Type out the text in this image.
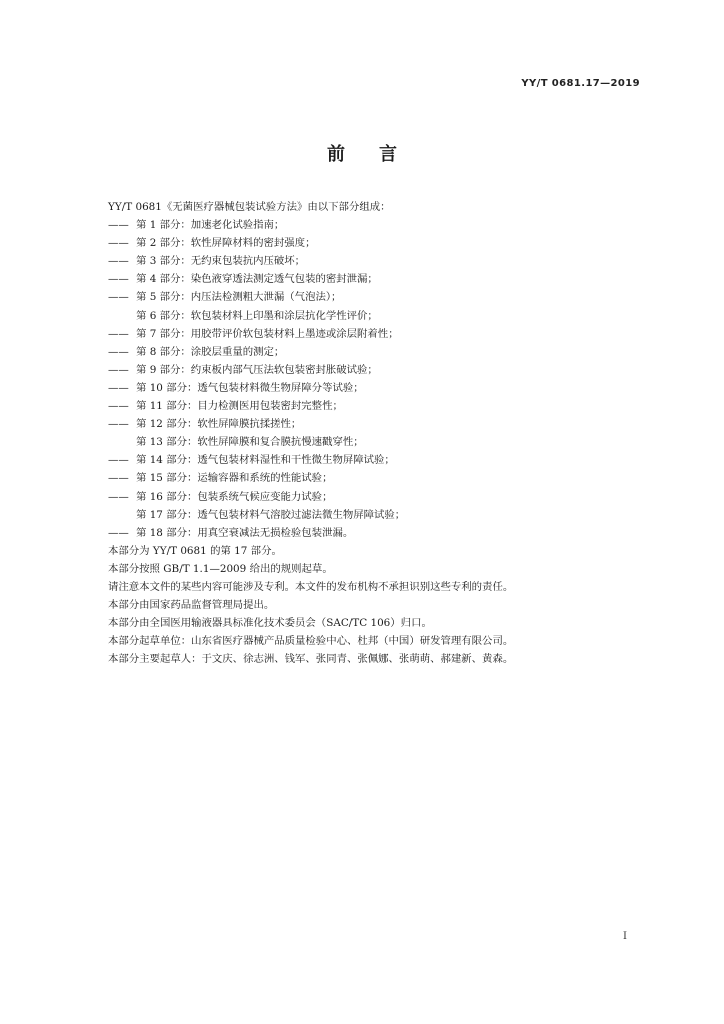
YY/T 0681.17—2019
前言
YY/T 0681《无菌医疗器械包装试验方法》由以下部分组成：
—— 第 1 部分：加速老化试验指南；
—— 第 2 部分：软性屏障材料的密封强度；
—— 第 3 部分：无约束包装抗内压破坏；
—— 第 4 部分：染色液穿透法测定透气包装的密封泄漏；
—— 第 5 部分：内压法检测粗大泄漏（气泡法）；
第 6 部分：软包装材料上印墨和涂层抗化学性评价；
—— 第 7 部分：用胶带评价软包装材料上墨迹或涂层附着性；
—— 第 8 部分：涂胶层重量的测定；
—— 第 9 部分：约束板内部气压法软包装密封胀破试验；
—— 第 10 部分：透气包装材料微生物屏障分等试验；
—— 第 11 部分：目力检测医用包装密封完整性；
—— 第 12 部分：软性屏障膜抗揉搓性；
第 13 部分：软性屏障膜和复合膜抗慢速戳穿性；
—— 第 14 部分：透气包装材料湿性和干性微生物屏障试验；
—— 第 15 部分：运输容器和系统的性能试验；
—— 第 16 部分：包装系统气候应变能力试验；
第 17 部分：透气包装材料气溶胶过滤法微生物屏障试验；
—— 第 18 部分：用真空衰减法无损检验包装泄漏。
本部分为 YY/T 0681 的第 17 部分。
本部分按照 GB/T 1.1—2009 给出的规则起草。
请注意本文件的某些内容可能涉及专利。本文件的发布机构不承担识别这些专利的责任。
本部分由国家药品监督管理局提出。
本部分由全国医用输液器具标准化技术委员会（SAC/TC 106）归口。
本部分起草单位：山东省医疗器械产品质量检验中心、杜邦（中国）研发管理有限公司。
本部分主要起草人：于文庆、徐志洲、钱军、张同青、张佩娜、张萌萌、郝建新、黄森。
I
